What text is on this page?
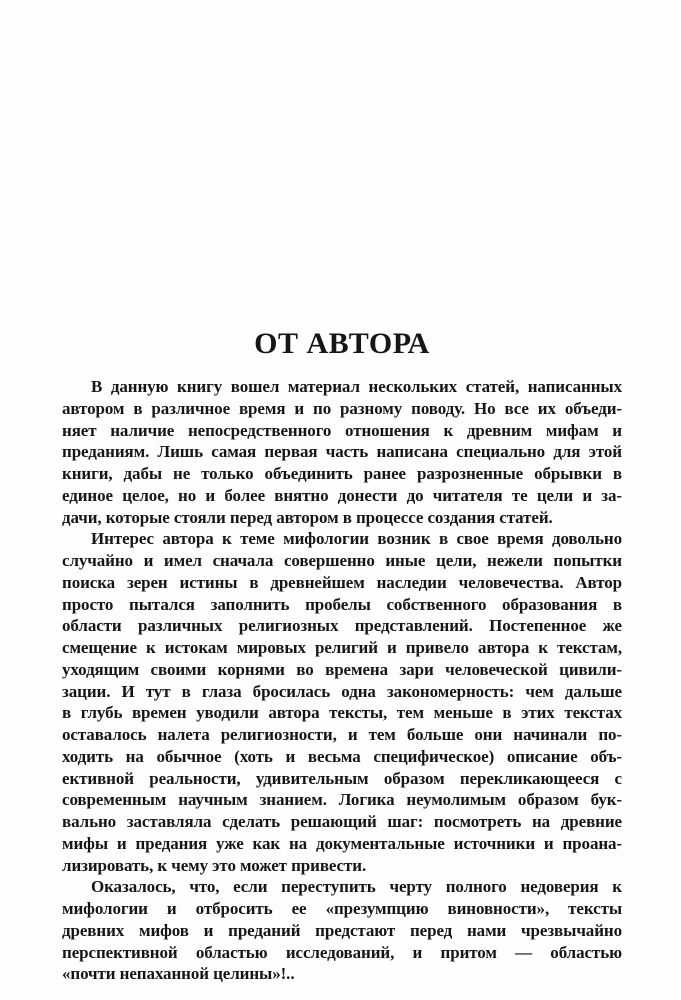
ОТ АВТОРА
В данную книгу вошел материал нескольких статей, написанных
автором в различное время и по разному поводу. Но все их объеди-
няет наличие непосредственного отношения к древним мифам и
преданиям. Лишь самая первая часть написана специально для этой
книги, дабы не только объединить ранее разрозненные обрывки в
единое целое, но и более внятно донести до читателя те цели и за-
дачи, которые стояли перед автором в процессе создания статей.
Интерес автора к теме мифологии возник в свое время довольно
случайно и имел сначала совершенно иные цели, нежели попытки
поиска зерен истины в древнейшем наследии человечества. Автор
просто пытался заполнить пробелы собственного образования в
области различных религиозных представлений. Постепенное же
смещение к истокам мировых религий и привело автора к текстам,
уходящим своими корнями во времена зари человеческой цивили-
зации. И тут в глаза бросилась одна закономерность: чем дальше
в глубь времен уводили автора тексты, тем меньше в этих текстах
оставалось налета религиозности, и тем больше они начинали по-
ходить на обычное (хоть и весьма специфическое) описание объ-
ективной реальности, удивительным образом перекликающееся с
современным научным знанием. Логика неумолимым образом бук-
вально заставляла сделать решающий шаг: посмотреть на древние
мифы и предания уже как на документальные источники и проана-
лизировать, к чему это может привести.
Оказалось, что, если переступить черту полного недоверия к
мифологии и отбросить ее «презумпцию виновности», тексты
древних мифов и преданий предстают перед нами чрезвычайно
перспективной областью исследований, и притом — областью
«почти непаханной целины»!..
